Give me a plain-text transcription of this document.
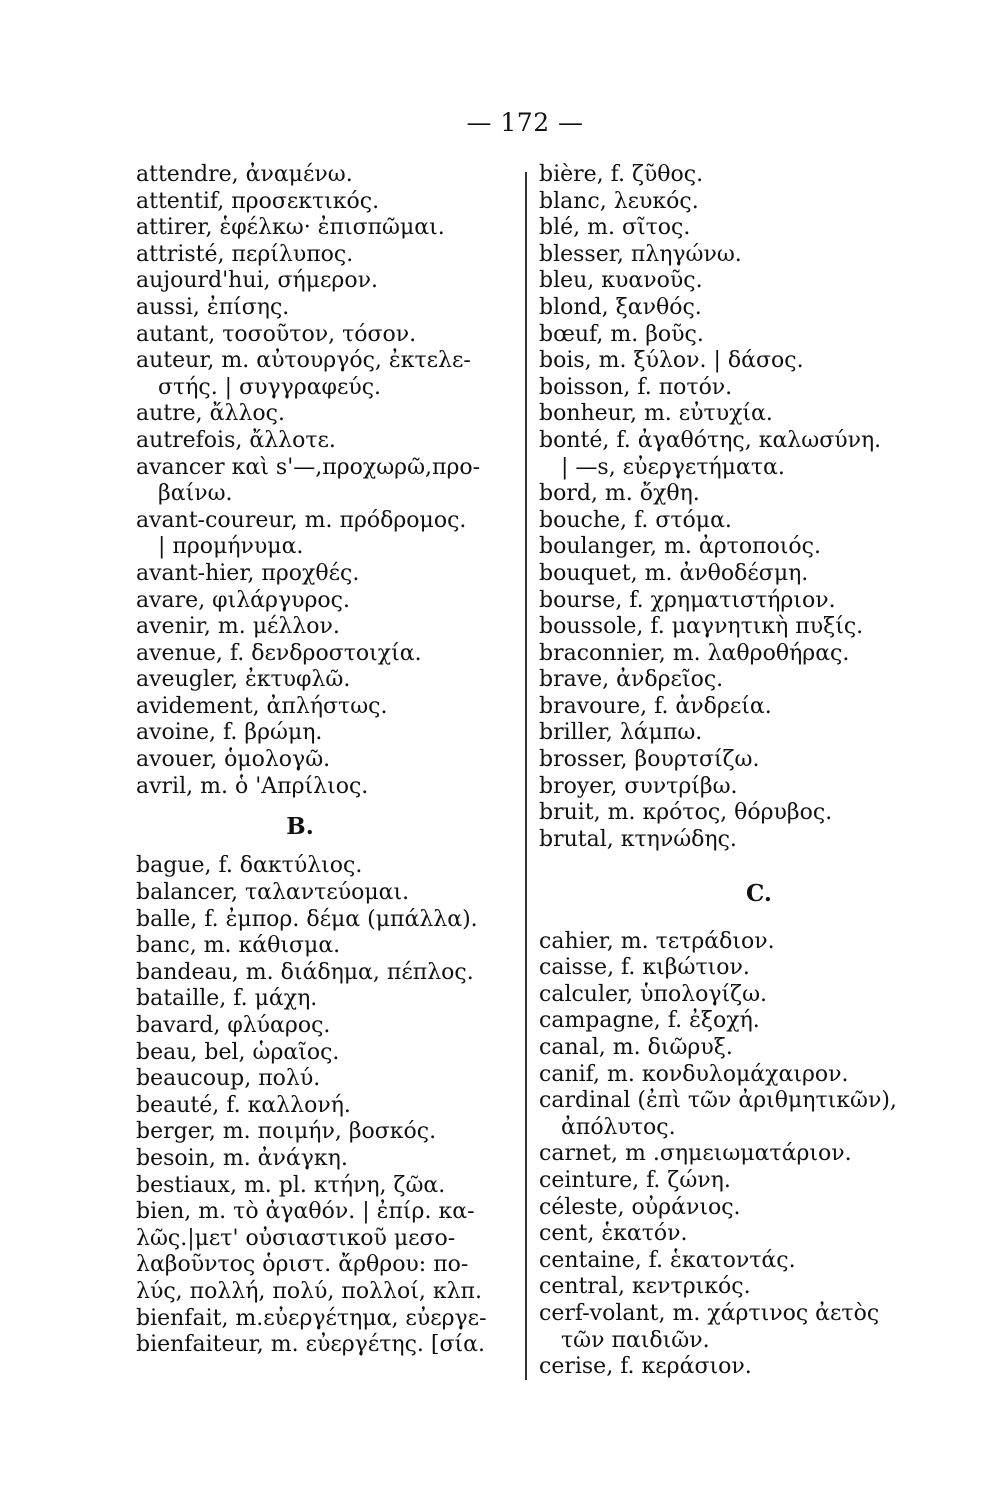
— 172 —
attendre, ἀναμένω.
attentif, προσεκτικός.
attirer, ἑφέλκω· ἐπισπῶμαι.
attristé, περίλυπος.
aujourd'hui, σήμερον.
aussi, ἐπίσης.
autant, τοσοῦτον, τόσον.
auteur, m. αὐτουργός, ἐκτελε-
στής. | συγγραφεύς.
autre, ἄλλος.
autrefois, ἄλλοτε.
avancer καὶ s'—,προχωρῶ,προ-
βαίνω.
avant-coureur, m. πρόδρομος.
| προμήνυμα.
avant-hier, προχθές.
avare, φιλάργυρος.
avenir, m. μέλλον.
avenue, f. δενδροστοιχία.
aveugler, ἐκτυφλῶ.
avidement, ἀπλήστως.
avoine, f. βρώμη.
avouer, ὁμολογῶ.
avril, m. ὁ 'Απρίλιος.
B.
bague, f. δακτύλιος.
balancer, ταλαντεύομαι.
balle, f. ἐμπορ. δέμα (μπάλλα).
banc, m. κάθισμα.
bandeau, m. διάδημα, πέπλος.
bataille, f. μάχη.
bavard, φλύαρος.
beau, bel, ὡραῖος.
beaucoup, πολύ.
beauté, f. καλλονή.
berger, m. ποιμήν, βοσκός.
besoin, m. ἀνάγκη.
bestiaux, m. pl. κτήνη, ζῶα.
bien, m. τὸ ἀγαθόν. | ἐπίρ. κα-
λῶς.|μετ' οὐσιαστικοῦ μεσο-
λαβοῦντος ὁριστ. ἄρθρου: πο-
λύς, πολλή, πολύ, πολλοί, κλπ.
bienfait, m.εὐεργέτημα, εὐεργε-
bienfaiteur, m. εὐεργέτης. [σία.
bière, f. ζῦθος.
blanc, λευκός.
blé, m. σῖτος.
blesser, πληγώνω.
bleu, κυανοῦς.
blond, ξανθός.
bœuf, m. βοῦς.
bois, m. ξύλον. | δάσος.
boisson, f. ποτόν.
bonheur, m. εὐτυχία.
bonté, f. ἀγαθότης, καλωσύνη.
| —s, εὐεργετήματα.
bord, m. ὄχθη.
bouche, f. στόμα.
boulanger, m. ἀρτοποιός.
bouquet, m. ἀνθοδέσμη.
bourse, f. χρηματιστήριον.
boussole, f. μαγνητικὴ πυξίς.
braconnier, m. λαθροθήρας.
brave, ἀνδρεῖος.
bravoure, f. ἀνδρεία.
briller, λάμπω.
brosser, βουρτσίζω.
broyer, συντρίβω.
bruit, m. κρότος, θόρυβος.
brutal, κτηνώδης.
C.
cahier, m. τετράδιον.
caisse, f. κιβώτιον.
calculer, ὑπολογίζω.
campagne, f. ἐξοχή.
canal, m. διῶρυξ.
canif, m. κονδυλομάχαιρον.
cardinal (ἐπὶ τῶν ἀριθμητικῶν),
ἀπόλυτος.
carnet, m .σημειωματάριον.
ceinture, f. ζώνη.
céleste, οὐράνιος.
cent, ἑκατόν.
centaine, f. ἑκατοντάς.
central, κεντρικός.
cerf-volant, m. χάρτινος ἀετὸς
τῶν παιδιῶν.
cerise, f. κεράσιον.
